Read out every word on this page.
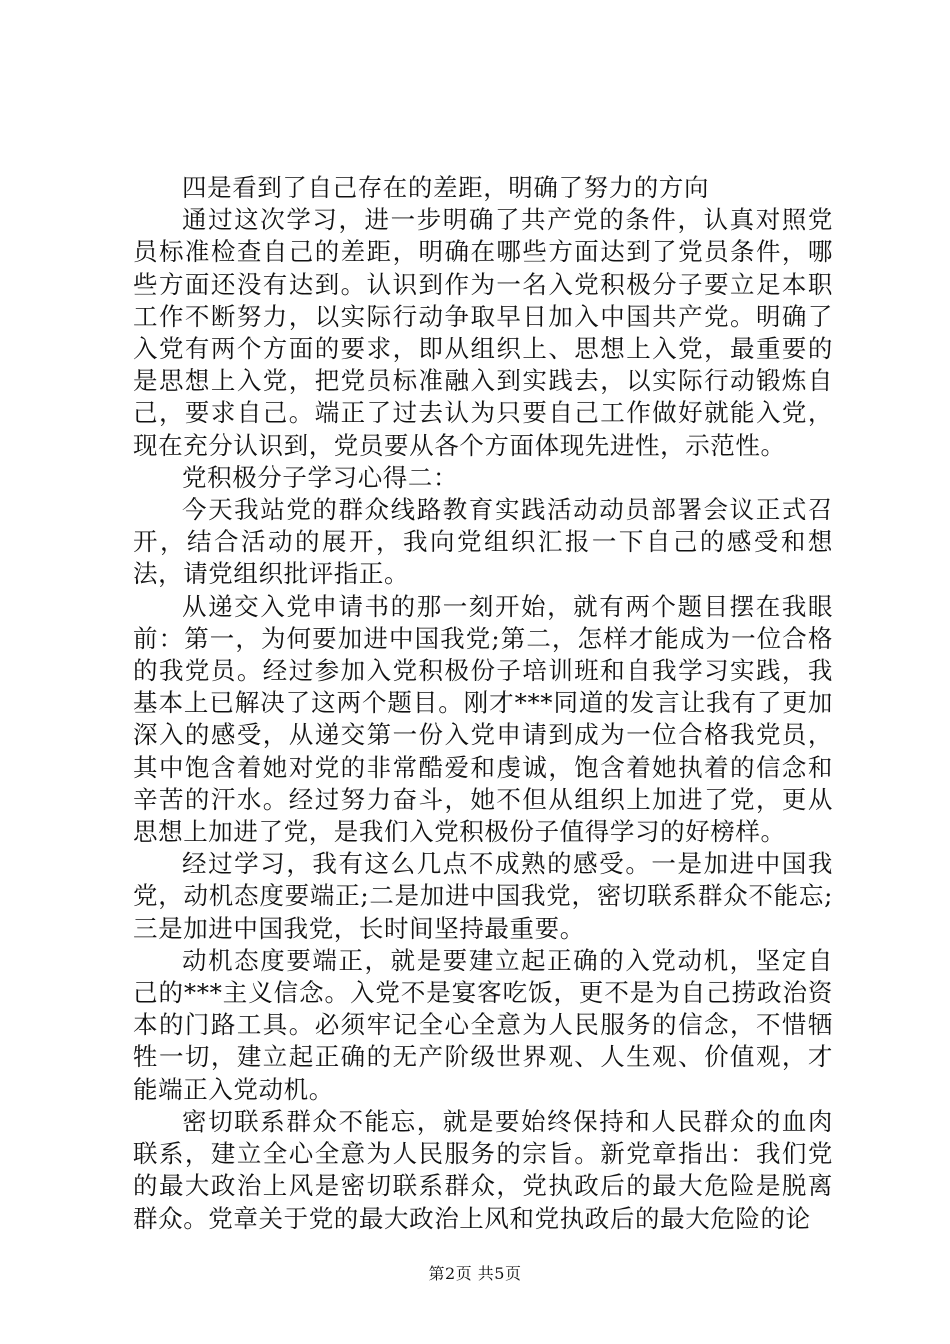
四是看到了自己存在的差距，明确了努力的方向

通过这次学习，进一步明确了共产党的条件，认真对照党员标准检查自己的差距，明确在哪些方面达到了党员条件，哪些方面还没有达到。认识到作为一名入党积极分子要立足本职工作不断努力，以实际行动争取早日加入中国共产党。明确了入党有两个方面的要求，即从组织上、思想上入党，最重要的是思想上入党，把党员标准融入到实践去，以实际行动锻炼自己，要求自己。端正了过去认为只要自己工作做好就能入党，现在充分认识到，党员要从各个方面体现先进性，示范性。

党积极分子学习心得二：

今天我站党的群众线路教育实践活动动员部署会议正式召开，结合活动的展开，我向党组织汇报一下自己的感受和想法，请党组织批评指正。

从递交入党申请书的那一刻开始，就有两个题目摆在我眼前：第一，为何要加进中国我党;第二，怎样才能成为一位合格的我党员。经过参加入党积极份子培训班和自我学习实践，我基本上已解决了这两个题目。刚才***同道的发言让我有了更加深入的感受，从递交第一份入党申请到成为一位合格我党员，其中饱含着她对党的非常酷爱和虔诚，饱含着她执着的信念和辛苦的汗水。经过努力奋斗，她不但从组织上加进了党，更从思想上加进了党，是我们入党积极份子值得学习的好榜样。

经过学习，我有这么几点不成熟的感受。一是加进中国我党，动机态度要端正;二是加进中国我党，密切联系群众不能忘;三是加进中国我党，长时间坚持最重要。

动机态度要端正，就是要建立起正确的入党动机，坚定自己的***主义信念。入党不是宴客吃饭，更不是为自己捞政治资本的门路工具。必须牢记全心全意为人民服务的信念，不惜牺牲一切，建立起正确的无产阶级世界观、人生观、价值观，才能端正入党动机。

密切联系群众不能忘，就是要始终保持和人民群众的血肉联系，建立全心全意为人民服务的宗旨。新党章指出：我们党的最大政治上风是密切联系群众，党执政后的最大危险是脱离群众。党章关于党的最大政治上风和党执政后的最大危险的论

第2页 共5页
